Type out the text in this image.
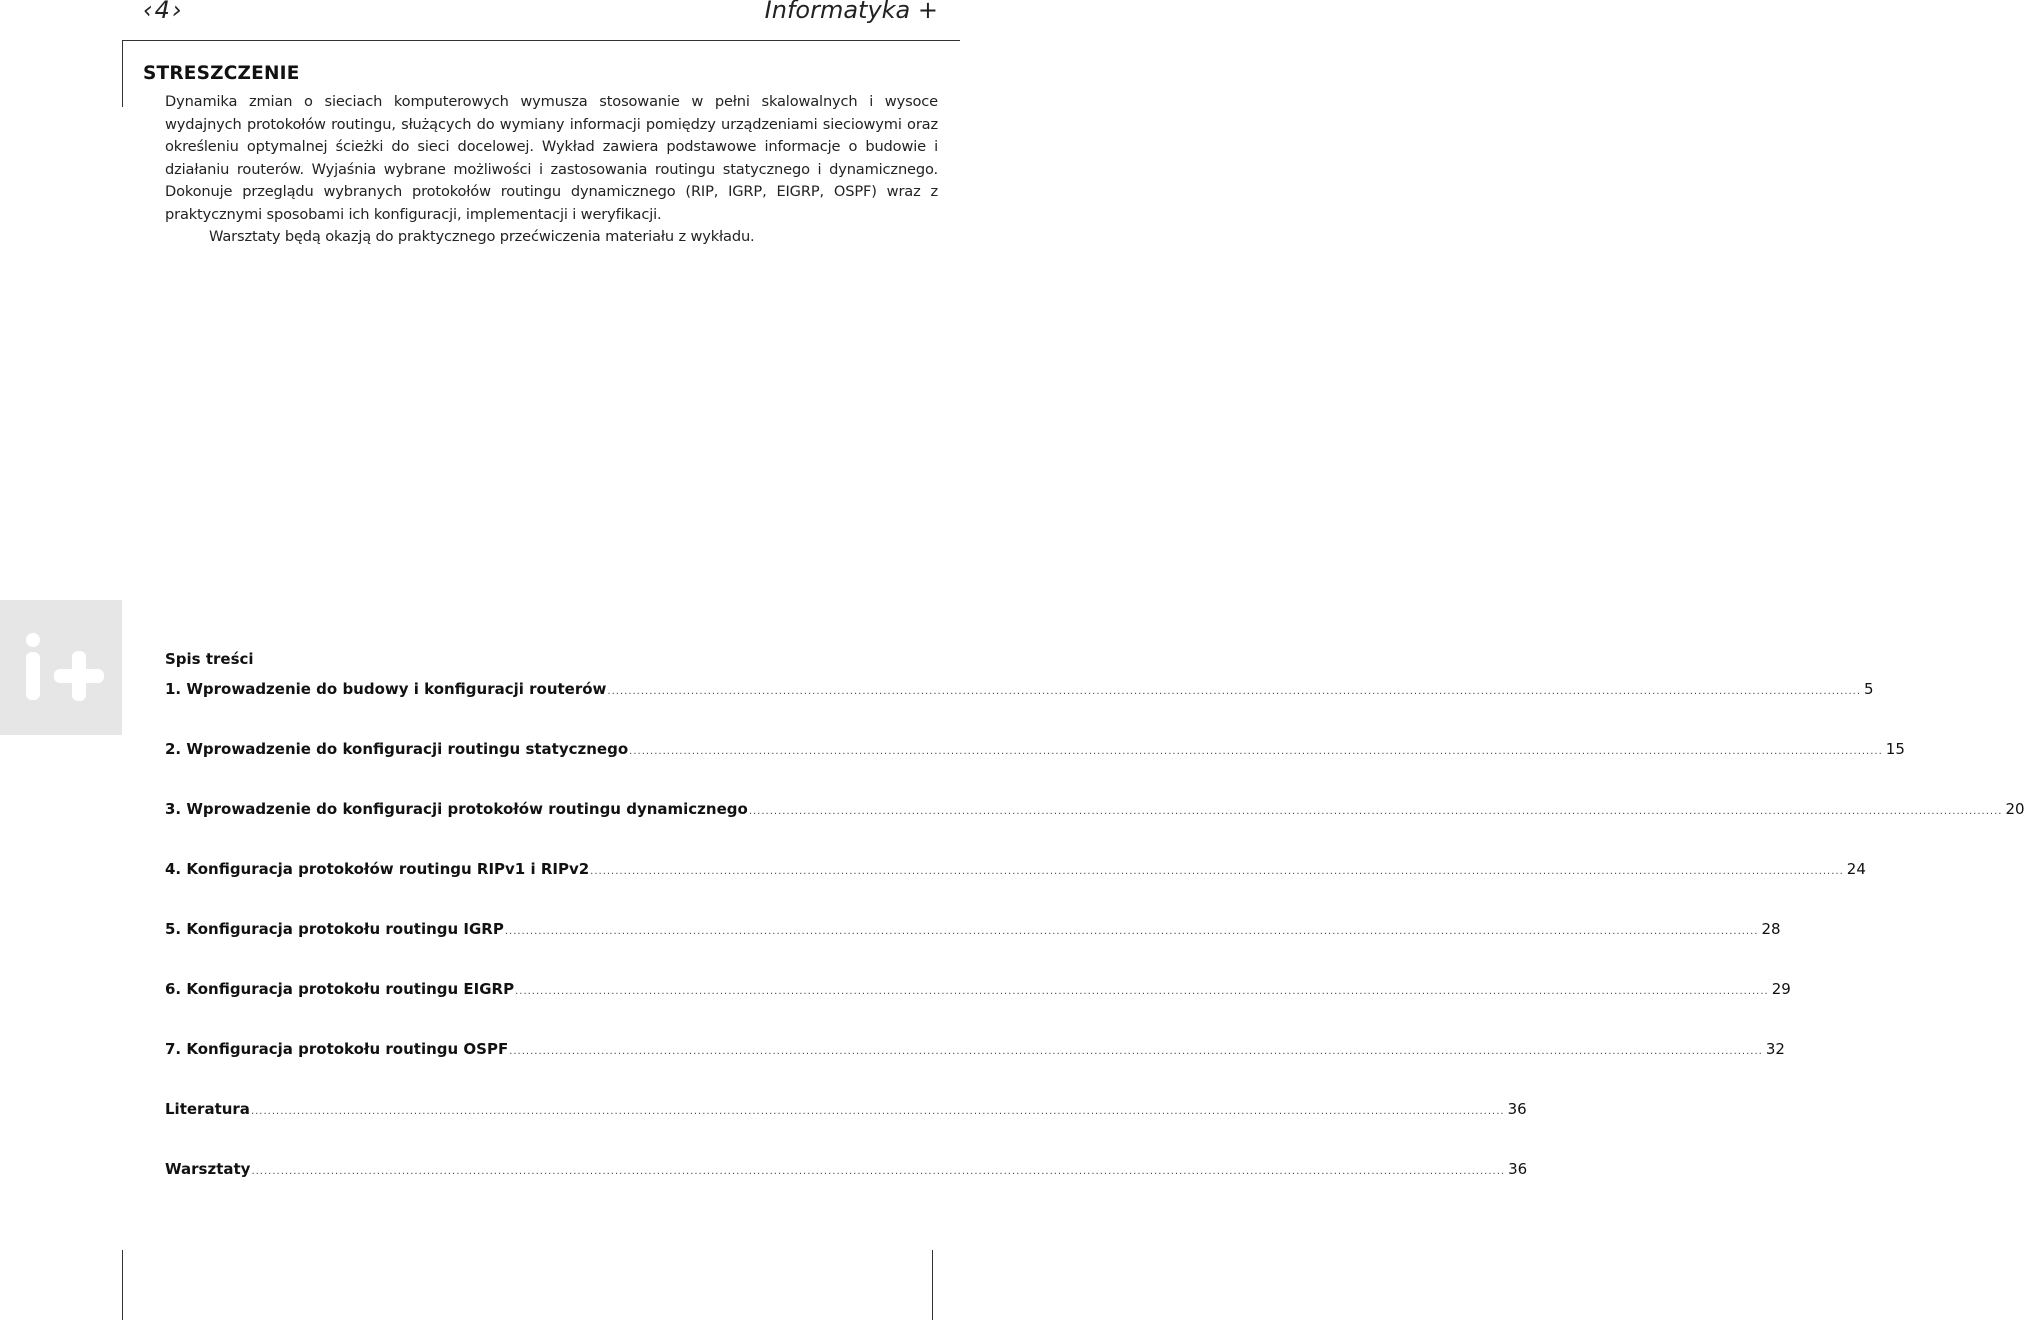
‹4›	Informatyka +
STRESZCZENIE

Dynamika zmian o sieciach komputerowych wymusza stosowanie w pełni skalowalnych i wysoce wydajnych protokołów routingu, służących do wymiany informacji pomiędzy urządzeniami sieciowymi oraz określeniu optymalnej ścieżki do sieci docelowej. Wykład zawiera podstawowe informacje o budowie i działaniu routerów. Wyjaśnia wybrane możliwości i zastosowania routingu statycznego i dynamicznego. Dokonuje przeglądu wybranych protokołów routingu dynamicznego (RIP, IGRP, EIGRP, OSPF) wraz z praktycznymi sposobami ich konfiguracji, implementacji i weryfikacji.

Warsztaty będą okazją do praktycznego przećwiczenia materiału z wykładu.

Spis treści
1. Wprowadzenie do budowy i konfiguracji routerów ............................................................................................................................................................................................................................................................................................................ 5
2. Wprowadzenie do konfiguracji routingu statycznego ............................................................................................................................................................................................................................................................................................................ 15
3. Wprowadzenie do konfiguracji protokołów routingu dynamicznego ............................................................................................................................................................................................................................................................................................................ 20
4. Konfiguracja protokołów routingu RIPv1 i RIPv2 ............................................................................................................................................................................................................................................................................................................ 24
5. Konfiguracja protokołu routingu IGRP ............................................................................................................................................................................................................................................................................................................ 28
6. Konfiguracja protokołu routingu EIGRP ............................................................................................................................................................................................................................................................................................................ 29
7. Konfiguracja protokołu routingu OSPF ............................................................................................................................................................................................................................................................................................................ 32
Literatura ............................................................................................................................................................................................................................................................................................................ 36
Warsztaty ............................................................................................................................................................................................................................................................................................................ 36
